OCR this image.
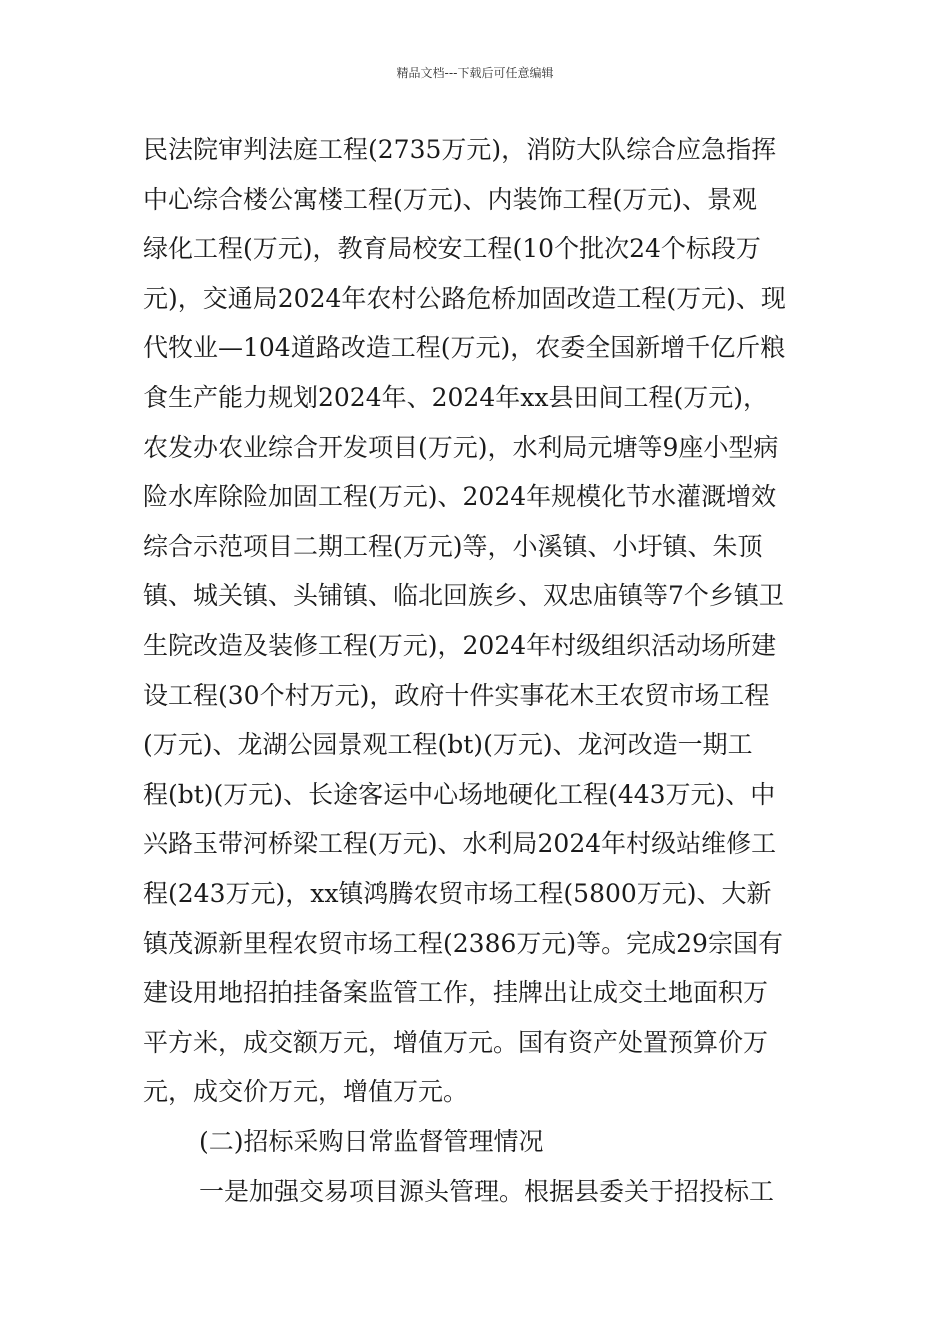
精品文档---下载后可任意编辑
民法院审判法庭工程(2735万元)，消防大队综合应急指挥
中心综合楼公寓楼工程(万元)、内装饰工程(万元)、景观
绿化工程(万元)，教育局校安工程(10个批次24个标段万
元)，交通局2024年农村公路危桥加固改造工程(万元)、现
代牧业—104道路改造工程(万元)，农委全国新增千亿斤粮
食生产能力规划2024年、2024年xx县田间工程(万元)，
农发办农业综合开发项目(万元)，水利局元塘等9座小型病
险水库除险加固工程(万元)、2024年规模化节水灌溉增效
综合示范项目二期工程(万元)等，小溪镇、小圩镇、朱顶
镇、城关镇、头铺镇、临北回族乡、双忠庙镇等7个乡镇卫
生院改造及装修工程(万元)，2024年村级组织活动场所建
设工程(30个村万元)，政府十件实事花木王农贸市场工程
(万元)、龙湖公园景观工程(bt)(万元)、龙河改造一期工
程(bt)(万元)、长途客运中心场地硬化工程(443万元)、中
兴路玉带河桥梁工程(万元)、水利局2024年村级站维修工
程(243万元)，xx镇鸿腾农贸市场工程(5800万元)、大新
镇茂源新里程农贸市场工程(2386万元)等。完成29宗国有
建设用地招拍挂备案监管工作，挂牌出让成交土地面积万
平方米，成交额万元，增值万元。国有资产处置预算价万
元，成交价万元，增值万元。
(二)招标采购日常监督管理情况
一是加强交易项目源头管理。根据县委关于招投标工
